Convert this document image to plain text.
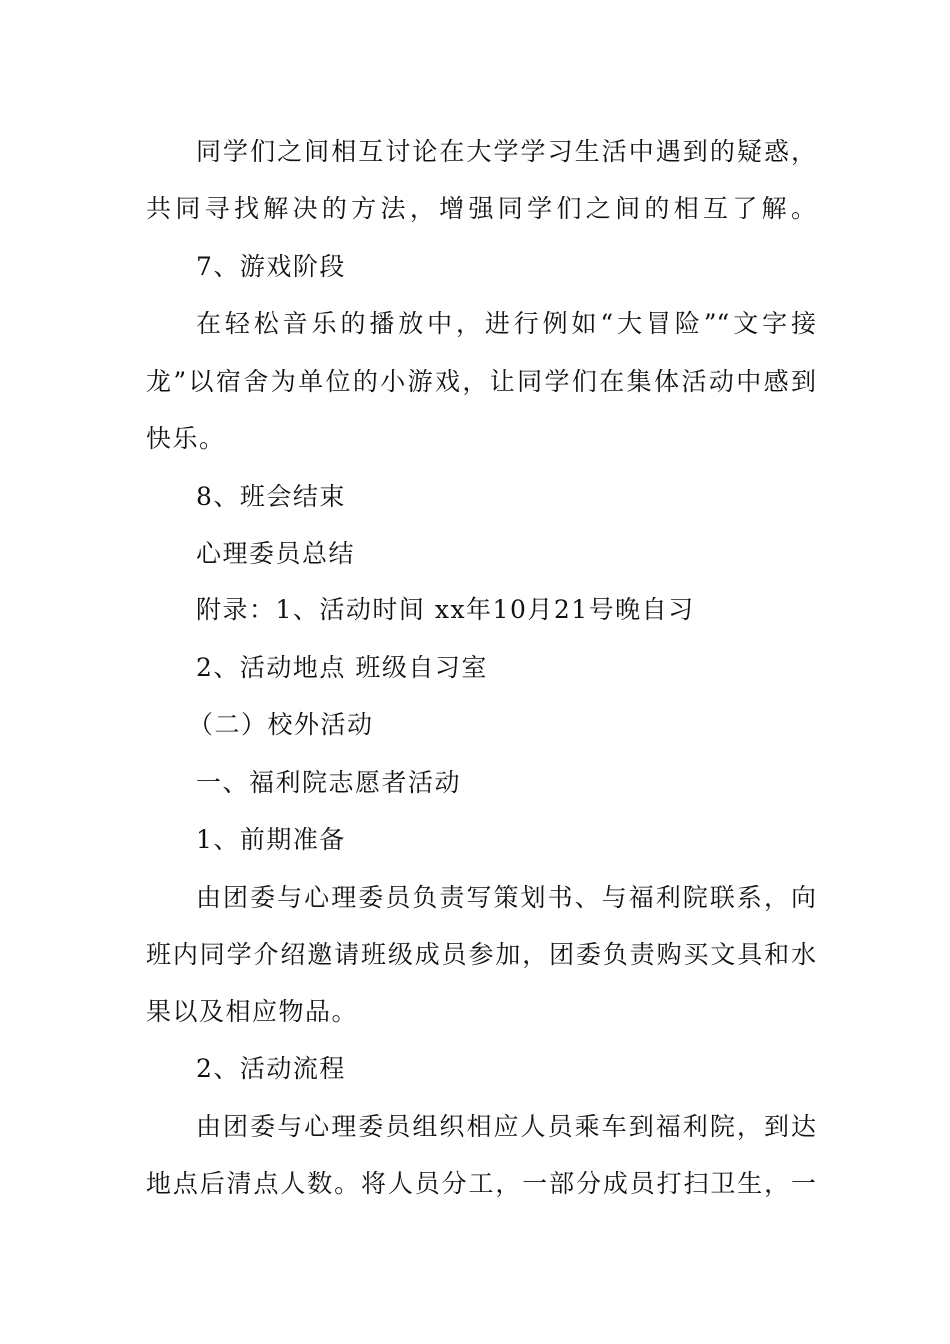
同学们之间相互讨论在大学学习生活中遇到的疑惑，
共同寻找解决的方法，增强同学们之间的相互了解。
7、游戏阶段
在轻松音乐的播放中，进行例如“大冒险”“文字接
龙”以宿舍为单位的小游戏，让同学们在集体活动中感到
快乐。
8、班会结束
心理委员总结
附录：1、活动时间 xx年10月21号晚自习
2、活动地点 班级自习室
（二）校外活动
一、福利院志愿者活动
1、前期准备
由团委与心理委员负责写策划书、与福利院联系，向
班内同学介绍邀请班级成员参加，团委负责购买文具和水
果以及相应物品。
2、活动流程
由团委与心理委员组织相应人员乘车到福利院，到达
地点后清点人数。将人员分工，一部分成员打扫卫生，一
